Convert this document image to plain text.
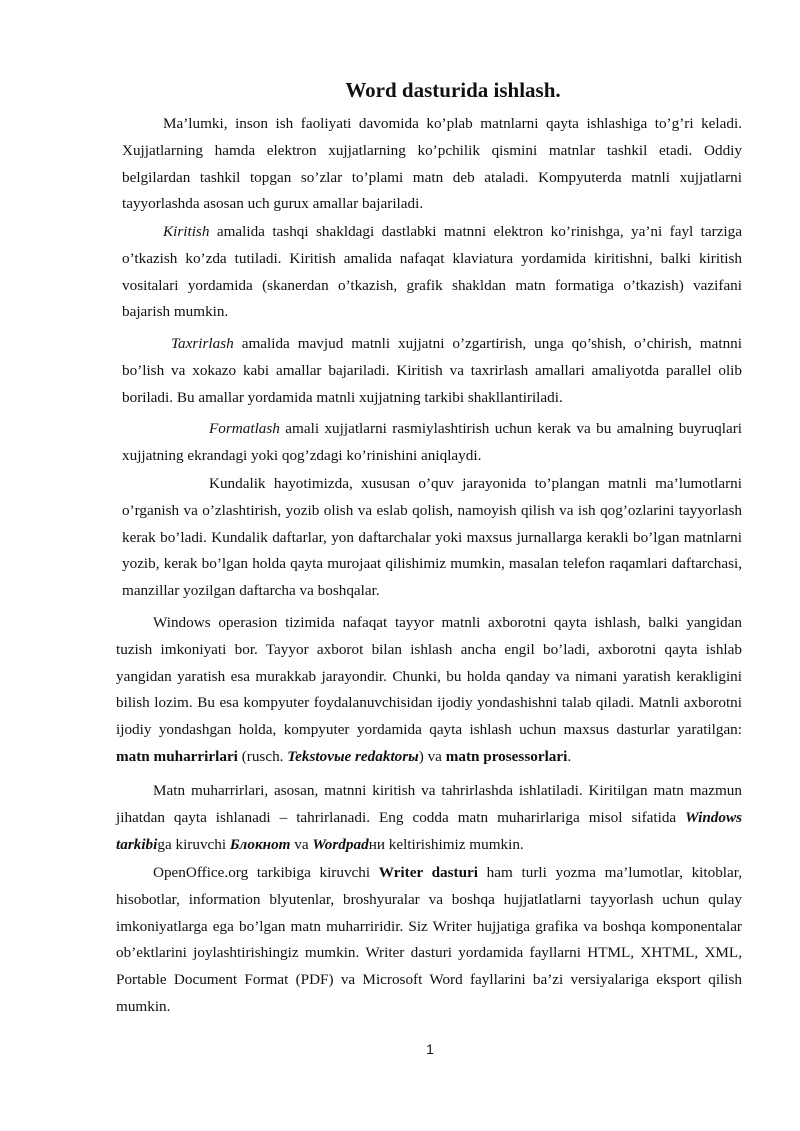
Word dasturida ishlash.

Ma’lumki, inson ish faoliyati davomida ko’plab matnlarni qayta ishlashiga to’g’ri keladi. Xujjatlarning hamda elektron xujjatlarning ko’pchilik qismini matnlar tashkil etadi. Oddiy belgilardan tashkil topgan so’zlar to’plami matn deb ataladi. Kompyuterda matnli xujjatlarni tayyorlashda asosan uch gurux amallar bajariladi.

Kiritish amalida tashqi shakldagi dastlabki matnni elektron ko’rinishga, ya’ni fayl tarziga o’tkazish ko’zda tutiladi. Kiritish amalida nafaqat klaviatura yordamida kiritishni, balki kiritish vositalari yordamida (skanerdan o’tkazish, grafik shakldan matn formatiga o’tkazish) vazifani bajarish mumkin.

Taxrirlash amalida mavjud matnli xujjatni o’zgartirish, unga qo’shish, o’chirish, matnni bo’lish va xokazo kabi amallar bajariladi. Kiritish va taxrirlash amallari amaliyotda parallel olib boriladi. Bu amallar yordamida matnli xujjatning tarkibi shakllantiriladi.

Formatlash amali xujjatlarni rasmiylashtirish uchun kerak va bu amalning buyruqlari xujjatning ekrandagi yoki qog’zdagi ko’rinishini aniqlaydi.

Kundalik hayotimizda, xususan o’quv jarayonida to’plangan matnli ma’lumotlarni o’rganish va o’zlashtirish, yozib olish va eslab qolish, namoyish qilish va ish qog’ozlarini tayyorlash kerak bo’ladi. Kundalik daftarlar, yon daftarchalar yoki maxsus jurnallarga kerakli bo’lgan matnlarni yozib, kerak bo’lgan holda qayta murojaat qilishimiz mumkin, masalan telefon raqamlari daftarchasi, manzillar yozilgan daftarcha va boshqalar.

Windows operasion tizimida nafaqat tayyor matnli axborotni qayta ishlash, balki yangidan tuzish imkoniyati bor. Tayyor axborot bilan ishlash ancha engil bo’ladi, axborotni qayta ishlab yangidan yaratish esa murakkab jarayondir. Chunki, bu holda qanday va nimani yaratish kerakligini bilish lozim. Bu esa kompyuter foydalanuvchisidan ijodiy yondashishni talab qiladi. Matnli axborotni ijodiy yondashgan holda, kompyuter yordamida qayta ishlash uchun maxsus dasturlar yaratilgan: matn muharrirlari (rusch. Tekstovыe redaktorы) va matn prosessorlari.

Matn muharrirlari, asosan, matnni kiritish va tahrirlashda ishlatiladi. Kiritilgan matn mazmun jihatdan qayta ishlanadi – tahrirlanadi. Eng codda matn muharirlariga misol sifatida Windows tarkibiga kiruvchi Блокнот va Wordpadни keltirishimiz mumkin.

OpenOffice.org tarkibiga kiruvchi Writer dasturi ham turli yozma ma’lumotlar, kitoblar, hisobotlar, information blyutenlar, broshyuralar va boshqa hujjatlatlarni tayyorlash uchun qulay imkoniyatlarga ega bo’lgan matn muharriridir. Siz Writer hujjatiga grafika va boshqa komponentalar ob’ektlarini joylashtirishingiz mumkin. Writer dasturi yordamida fayllarni HTML, XHTML, XML, Portable Document Format (PDF) va Microsoft Word fayllarini ba’zi versiyalariga eksport qilish mumkin.

1
